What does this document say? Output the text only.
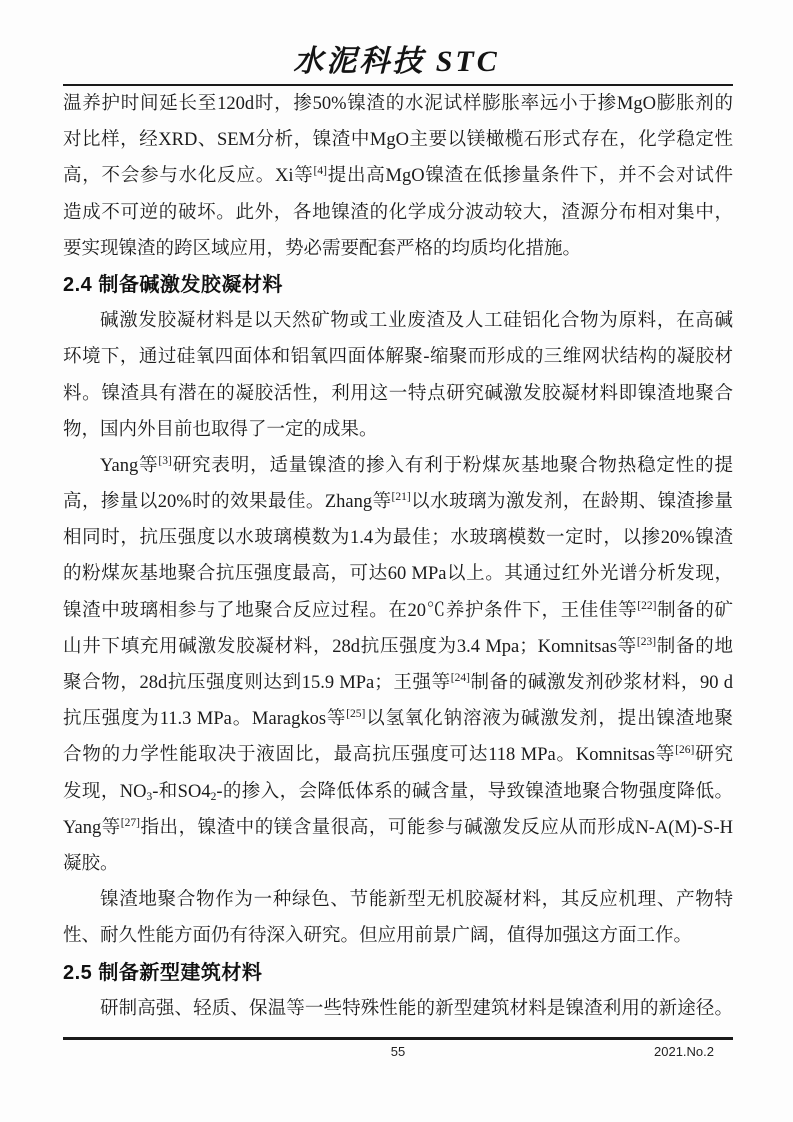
水泥科技 STC
温养护时间延长至120d时，掺50%镍渣的水泥试样膨胀率远小于掺MgO膨胀剂的
对比样，经XRD、SEM分析，镍渣中MgO主要以镁橄榄石形式存在，化学稳定性
高，不会参与水化反应。Xi等[4]提出高MgO镍渣在低掺量条件下，并不会对试件
造成不可逆的破坏。此外，各地镍渣的化学成分波动较大，渣源分布相对集中，
要实现镍渣的跨区域应用，势必需要配套严格的均质均化措施。
2.4 制备碱激发胶凝材料
碱激发胶凝材料是以天然矿物或工业废渣及人工硅铝化合物为原料，在高碱
环境下，通过硅氧四面体和铝氧四面体解聚-缩聚而形成的三维网状结构的凝胶材
料。镍渣具有潜在的凝胶活性，利用这一特点研究碱激发胶凝材料即镍渣地聚合
物，国内外目前也取得了一定的成果。
Yang等[3]研究表明，适量镍渣的掺入有利于粉煤灰基地聚合物热稳定性的提
高，掺量以20%时的效果最佳。Zhang等[21]以水玻璃为激发剂，在龄期、镍渣掺量
相同时，抗压强度以水玻璃模数为1.4为最佳；水玻璃模数一定时，以掺20%镍渣
的粉煤灰基地聚合抗压强度最高，可达60 MPa以上。其通过红外光谱分析发现，
镍渣中玻璃相参与了地聚合反应过程。在20℃养护条件下，王佳佳等[22]制备的矿
山井下填充用碱激发胶凝材料，28d抗压强度为3.4 Mpa；Komnitsas等[23]制备的地
聚合物，28d抗压强度则达到15.9 MPa；王强等[24]制备的碱激发剂砂浆材料，90 d
抗压强度为11.3 MPa。Maragkos等[25]以氢氧化钠溶液为碱激发剂，提出镍渣地聚
合物的力学性能取决于液固比，最高抗压强度可达118 MPa。Komnitsas等[26]研究
发现，$NO_3-$和$SO4_2-$的掺入，会降低体系的碱含量，导致镍渣地聚合物强度降低。
Yang等[27]指出，镍渣中的镁含量很高，可能参与碱激发反应从而形成N-A(M)-S-H
凝胶。
镍渣地聚合物作为一种绿色、节能新型无机胶凝材料，其反应机理、产物特
性、耐久性能方面仍有待深入研究。但应用前景广阔，值得加强这方面工作。
2.5 制备新型建筑材料
研制高强、轻质、保温等一些特殊性能的新型建筑材料是镍渣利用的新途径。
55	2021.No.2
